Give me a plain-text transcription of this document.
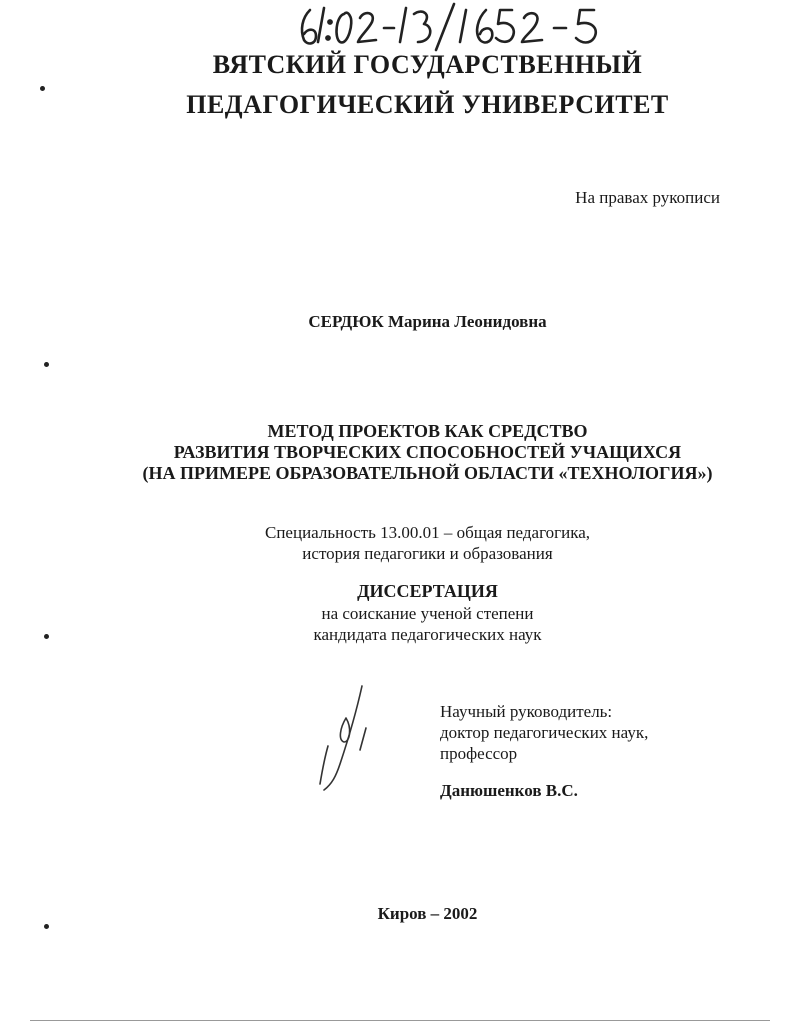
ВЯТСКИЙ ГОСУДАРСТВЕННЫЙ
ПЕДАГОГИЧЕСКИЙ УНИВЕРСИТЕТ
На правах рукописи
СЕРДЮК Марина Леонидовна
МЕТОД ПРОЕКТОВ КАК СРЕДСТВО
РАЗВИТИЯ ТВОРЧЕСКИХ СПОСОБНОСТЕЙ УЧАЩИХСЯ
(НА ПРИМЕРЕ ОБРАЗОВАТЕЛЬНОЙ ОБЛАСТИ «ТЕХНОЛОГИЯ»)
Специальность 13.00.01 – общая педагогика,
история педагогики и образования
ДИССЕРТАЦИЯ
на соискание ученой степени
кандидата педагогических наук
Научный руководитель:
доктор педагогических наук,
профессор
Данюшенков В.С.
Киров – 2002
